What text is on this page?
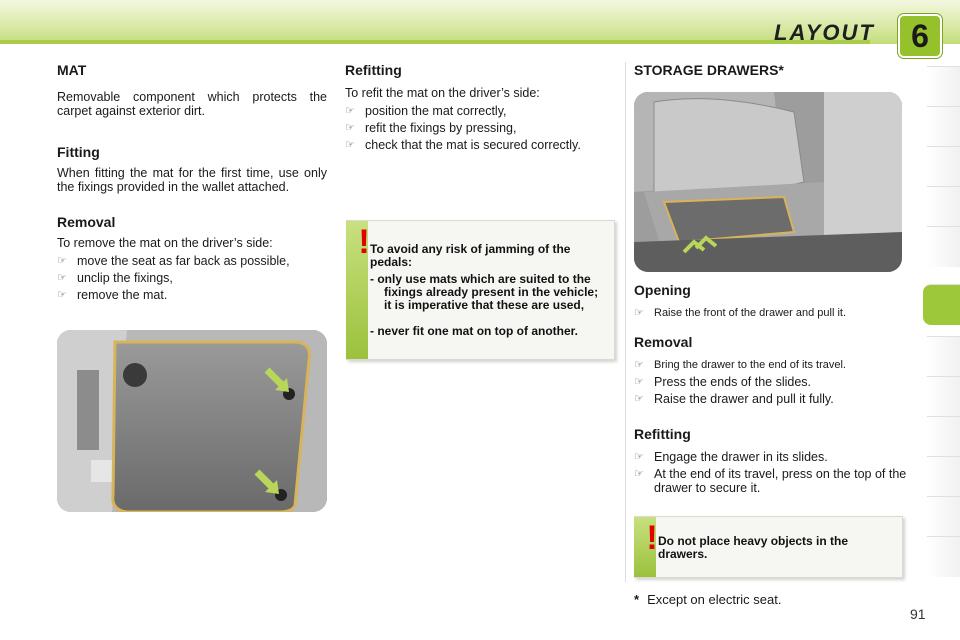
LAYOUT	6
MAT

Removable component which protects the carpet against exterior dirt.

Fitting

When fitting the mat for the first time, use only the fixings provided in the wallet attached.

Removal

To remove the mat on the driver’s side:

☞ move the seat as far back as possible,
☞ unclip the fixings,
☞ remove the mat.
Refitting

To refit the mat on the driver’s side:

☞ position the mat correctly,
☞ refit the fixings by pressing,
☞ check that the mat is secured correctly.
! To avoid any risk of jamming of the pedals:
- only use mats which are suited to the fixings already present in the vehicle; it is imperative that these are used,
- never fit one mat on top of another.
STORAGE DRAWERS*
Opening
☞ Raise the front of the drawer and pull it.
Removal
☞ Bring the drawer to the end of its travel.
☞ Press the ends of the slides.
☞ Raise the drawer and pull it fully.
Refitting
☞ Engage the drawer in its slides.
☞ At the end of its travel, press on the top of the drawer to secure it.
! Do not place heavy objects in the drawers.
* Except on electric seat.
91
